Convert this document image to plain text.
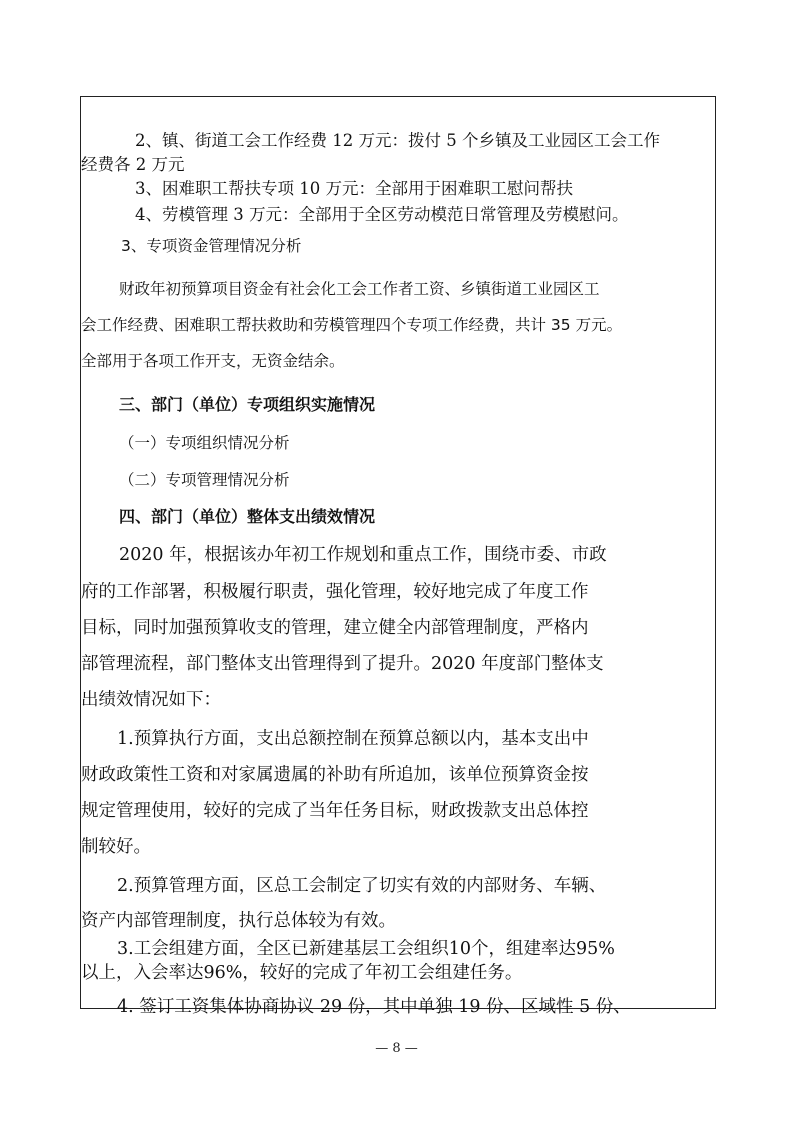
2、镇、街道工会工作经费 12 万元：拨付 5 个乡镇及工业园区工会工作
经费各 2 万元
3、困难职工帮扶专项 10 万元：全部用于困难职工慰问帮扶
4、劳模管理 3 万元：全部用于全区劳动模范日常管理及劳模慰问。
3、专项资金管理情况分析
财政年初预算项目资金有社会化工会工作者工资、乡镇街道工业园区工
会工作经费、困难职工帮扶救助和劳模管理四个专项工作经费，共计 35 万元。
全部用于各项工作开支，无资金结余。
三、部门（单位）专项组织实施情况
（一）专项组织情况分析
（二）专项管理情况分析
四、部门（单位）整体支出绩效情况
2020 年，根据该办年初工作规划和重点工作，围绕市委、市政
府的工作部署，积极履行职责，强化管理，较好地完成了年度工作
目标，同时加强预算收支的管理，建立健全内部管理制度，严格内
部管理流程，部门整体支出管理得到了提升。2020 年度部门整体支
出绩效情况如下：
1.预算执行方面，支出总额控制在预算总额以内，基本支出中
财政政策性工资和对家属遗属的补助有所追加，该单位预算资金按
规定管理使用，较好的完成了当年任务目标，财政拨款支出总体控
制较好。
2.预算管理方面，区总工会制定了切实有效的内部财务、车辆、
资产内部管理制度，执行总体较为有效。
3.工会组建方面，全区已新建基层工会组织10个，组建率达95%
以上，入会率达96%，较好的完成了年初工会组建任务。
4. 签订工资集体协商协议 29 份，其中单独 19 份、区域性 5 份、
— 8 —
